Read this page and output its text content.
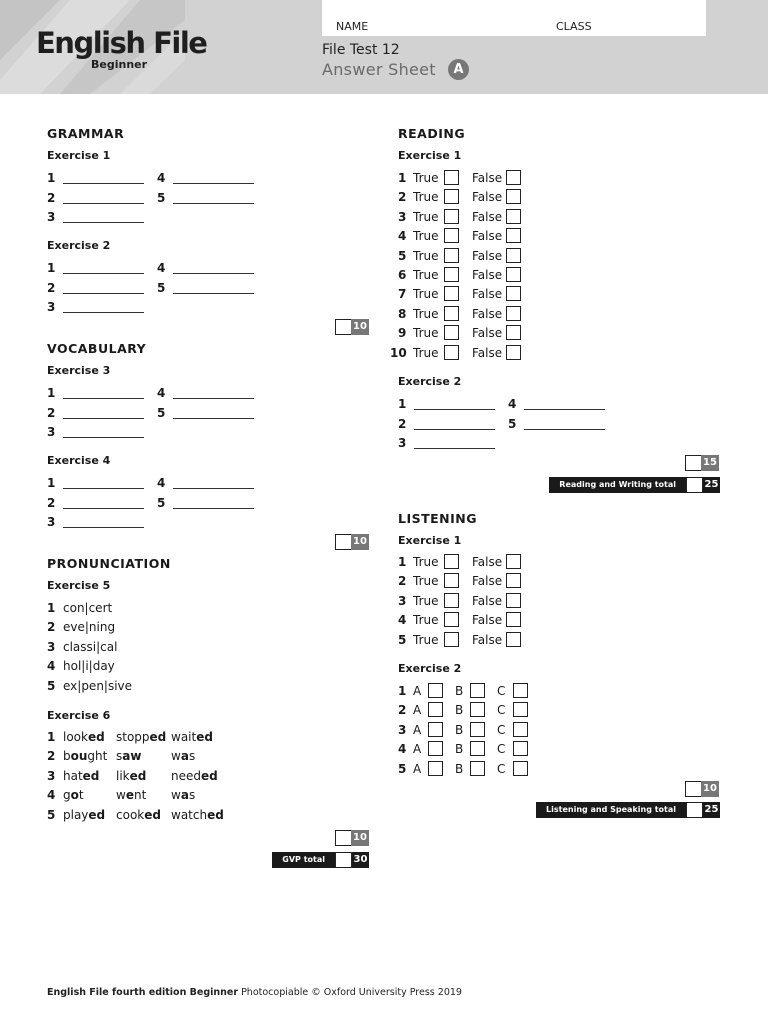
English File
Beginner
NAME	CLASS
File Test 12
Answer Sheet	A
GRAMMAR
Exercise 1
1
2
3
4
5
Exercise 2
1
2
3
4
5
10
VOCABULARY
Exercise 3
1
2
3
4
5
Exercise 4
1
2
3
4
5
10
PRONUNCIATION
Exercise 5
1 con|cert
2 eve|ning
3 classi|cal
4 hol|i|day
5 ex|pen|sive
Exercise 6
1 looked stopped waited
2 bought saw was
3 hated liked needed
4 got	went was
5 played cooked watched
10
GVP total	30
READING
Exercise 1
1 True	False
2 True	False
3 True	False
4 True	False
5 True	False
6 True	False
7 True	False
8 True	False
9 True	False
10 True	False
Exercise 2
1
2
3
4
5
15
Reading and Writing total	25
LISTENING
Exercise 1
1 True	False
2 True	False
3 True	False
4 True	False
5 True	False
Exercise 2
1 A	B	C
2 A	B	C
3 A	B	C
4 A	B	C
5 A	B	C
10
Listening and Speaking total	25
English File fourth edition Beginner Photocopiable © Oxford University Press 2019
